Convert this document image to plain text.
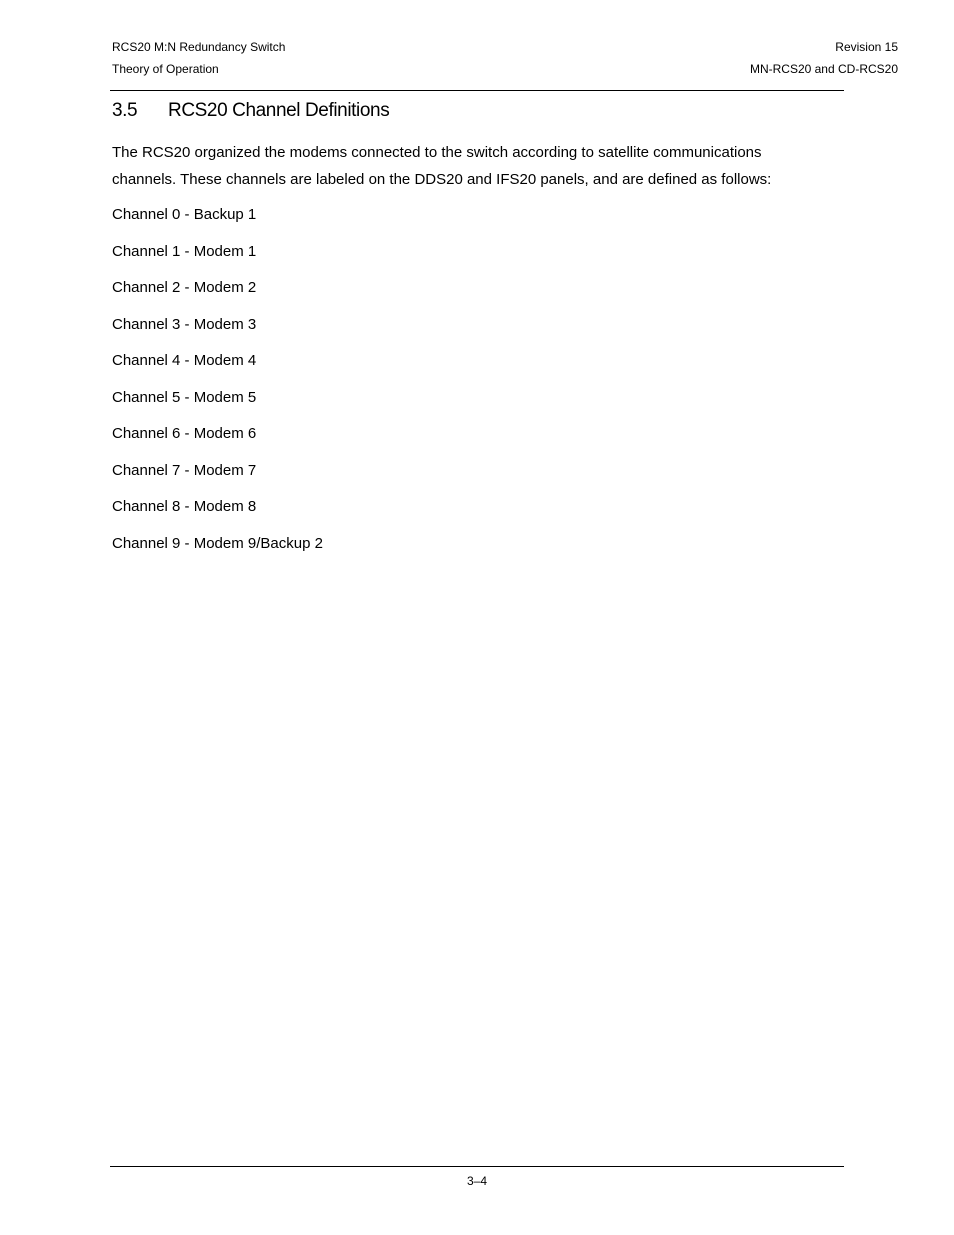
RCS20 M:N Redundancy Switch	Revision 15
Theory of Operation	MN-RCS20 and CD-RCS20
3.5 RCS20 Channel Definitions

The RCS20 organized the modems connected to the switch according to satellite communications
channels. These channels are labeled on the DDS20 and IFS20 panels, and are defined as follows:

Channel 0 - Backup 1
Channel 1 - Modem 1
Channel 2 - Modem 2
Channel 3 - Modem 3
Channel 4 - Modem 4
Channel 5 - Modem 5
Channel 6 - Modem 6
Channel 7 - Modem 7
Channel 8 - Modem 8
Channel 9 - Modem 9/Backup 2
3–4
